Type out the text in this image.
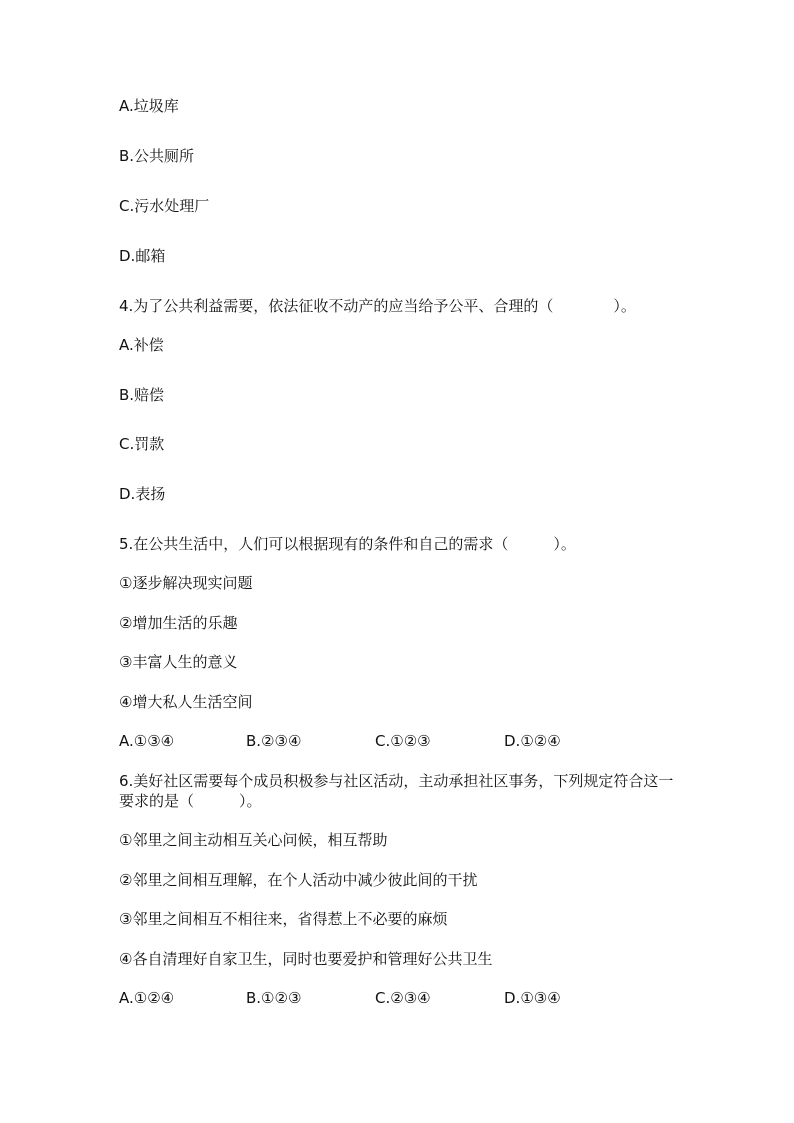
A.垃圾库
B.公共厕所
C.污水处理厂
D.邮箱
4.为了公共利益需要，依法征收不动产的应当给予公平、合理的（　　　　）。
A.补偿
B.赔偿
C.罚款
D.表扬
5.在公共生活中，人们可以根据现有的条件和自己的需求（　　　）。
①逐步解决现实问题
②增加生活的乐趣
③丰富人生的意义
④增大私人生活空间
A.①③④	B.②③④	C.①②③	D.①②④
6.美好社区需要每个成员积极参与社区活动，主动承担社区事务，下列规定符合这一要求的是（　　　）。
①邻里之间主动相互关心问候，相互帮助
②邻里之间相互理解，在个人活动中减少彼此间的干扰
③邻里之间相互不相往来，省得惹上不必要的麻烦
④各自清理好自家卫生，同时也要爱护和管理好公共卫生
A.①②④	B.①②③	C.②③④	D.①③④
